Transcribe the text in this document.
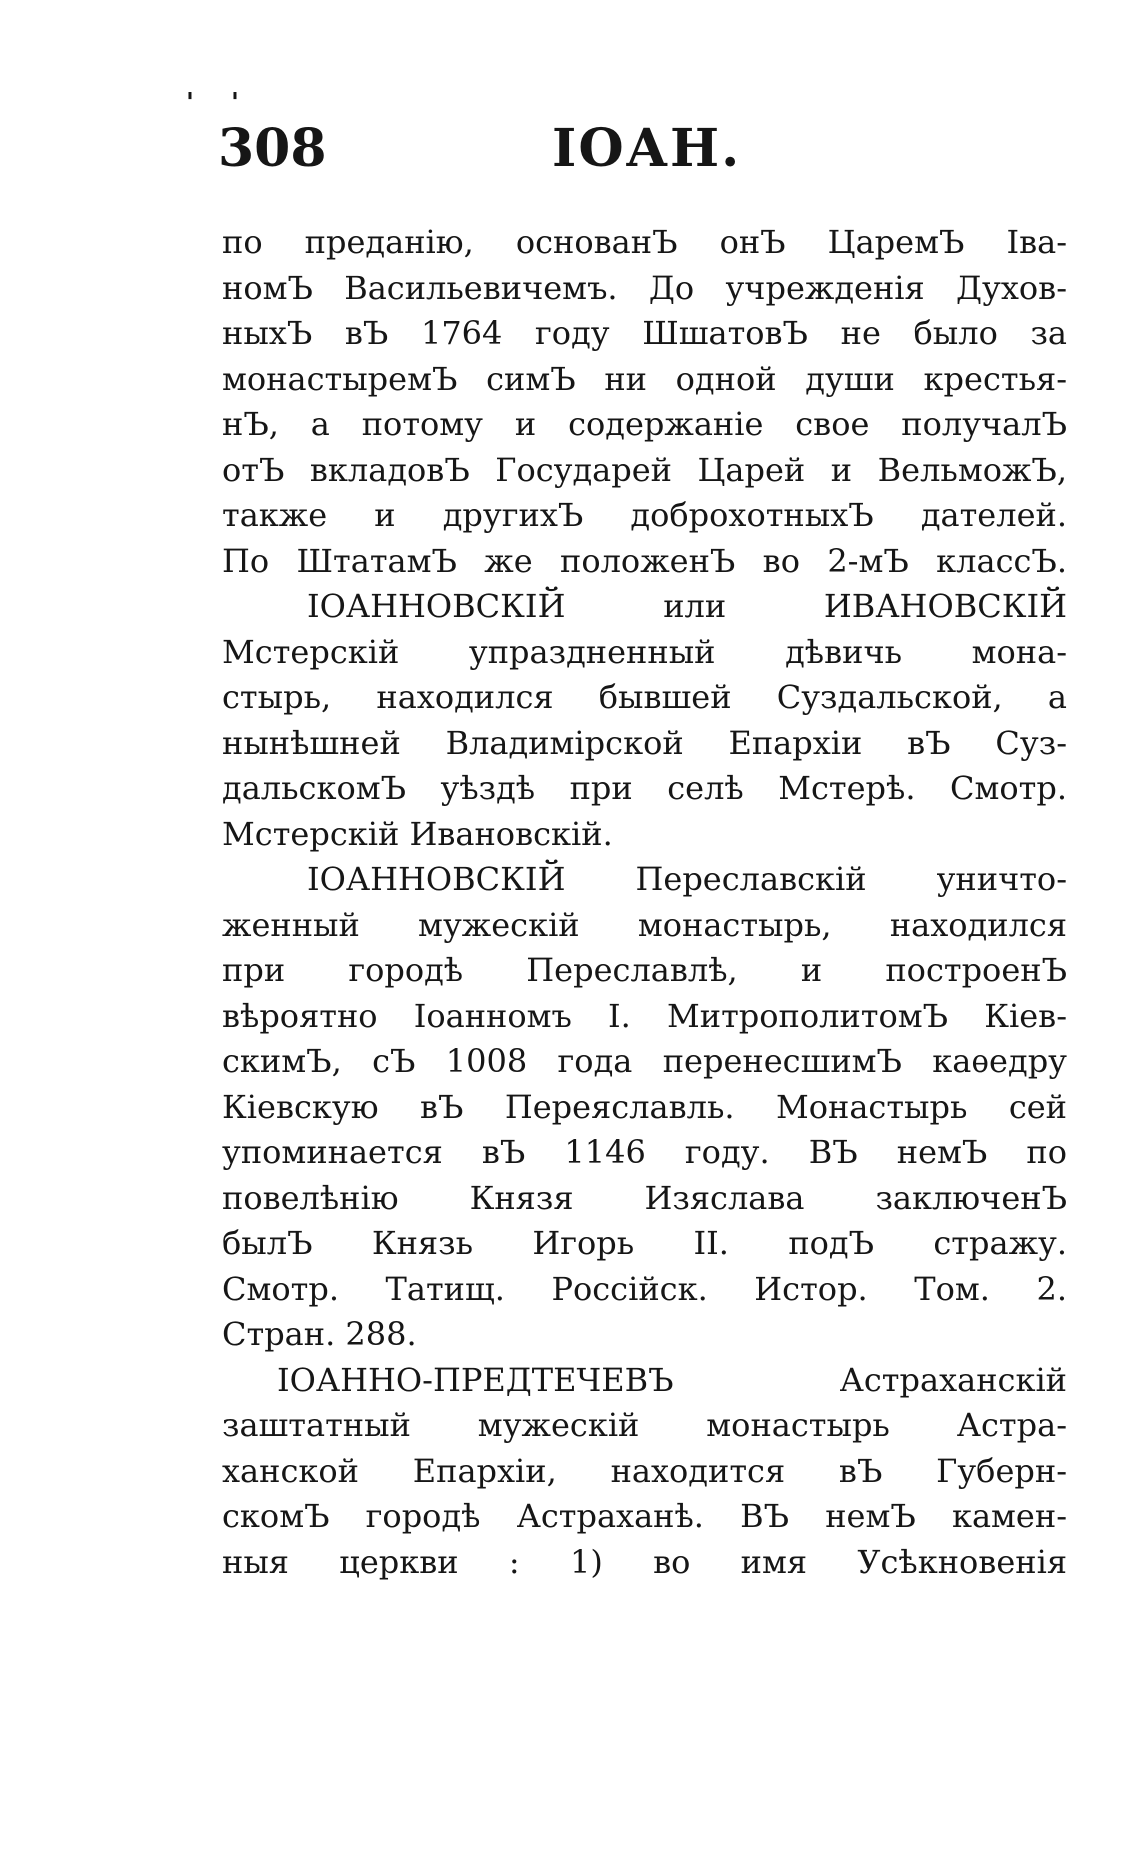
' '
308	IОАН.
по преданію, основанЪ онЪ ЦаремЪ Іва-
номЪ Васильевичемъ. До учрежденія Духов-
ныхЪ вЪ 1764 году ШшатовЪ не было за
монастыремЪ симЪ ни одной души крестья-
нЪ, а потому и содержаніе свое получалЪ
отЪ вкладовЪ Государей Царей и ВельможЪ,
также и другихЪ доброхотныхЪ дателей.
По ШтатамЪ же положенЪ во 2-мЪ классЪ.
ІОАННОВСКІЙ или ИВАНОВСКІЙ
Мстерскій упраздненный дѣвичь мона-
стырь, находился бывшей Суздальской, а
нынѣшней Владимірской Епархіи вЪ Суз-
дальскомЪ уѣздѣ при селѣ Мстерѣ. Смотр.
Мстерскій Ивановскій.
ІОАННОВСКІЙ Переславскій уничто-
женный мужескій монастырь, находился
при городѣ Переславлѣ, и построенЪ
вѣроятно Іоанномъ I. МитрополитомЪ Кіев-
скимЪ, сЪ 1008 года перенесшимЪ каѳедру
Кіевскую вЪ Переяславль. Монастырь сей
упоминается вЪ 1146 году. ВЪ немЪ по
повелѣнію Князя Изяслава заключенЪ
былЪ Князь Игорь II. подЪ стражу.
Смотр. Татищ. Россійск. Истор. Том. 2.
Стран. 288.
ІОАННО-ПРЕДТЕЧЕВЪ Астраханскій
заштатный мужескій монастырь Астра-
ханской Епархіи, находится вЪ Губерн-
скомЪ городѣ Астраханѣ. ВЪ немЪ камен-
ныя церкви : 1) во имя Усѣкновенія
